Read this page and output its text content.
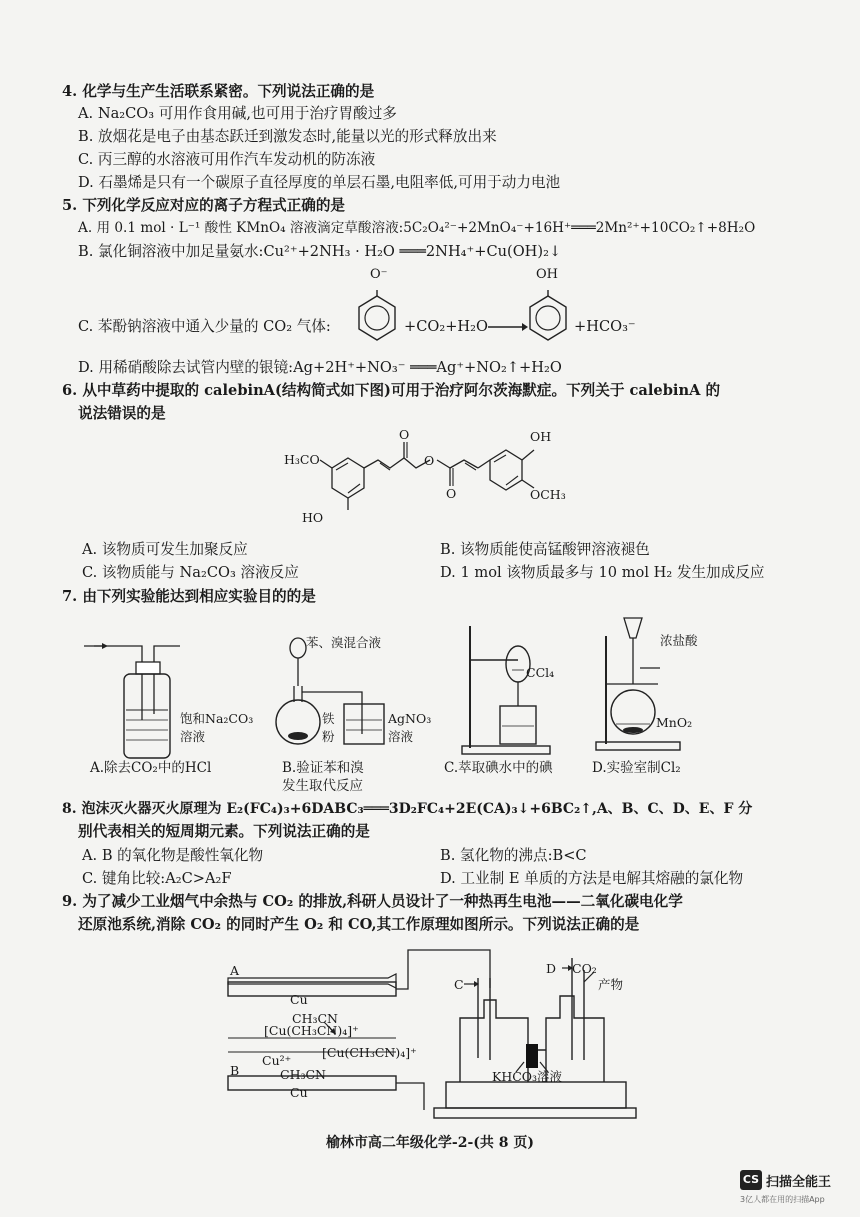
4. 化学与生产生活联系紧密。下列说法正确的是
A. Na₂CO₃ 可用作食用碱,也可用于治疗胃酸过多
B. 放烟花是电子由基态跃迁到激发态时,能量以光的形式释放出来
C. 丙三醇的水溶液可用作汽车发动机的防冻液
D. 石墨烯是只有一个碳原子直径厚度的单层石墨,电阻率低,可用于动力电池
5. 下列化学反应对应的离子方程式正确的是
A. 用 0.1 mol · L⁻¹ 酸性 KMnO₄ 溶液滴定草酸溶液:5C₂O₄²⁻+2MnO₄⁻+16H⁺═══2Mn²⁺+10CO₂↑+8H₂O
B. 氯化铜溶液中加足量氨水:Cu²⁺+2NH₃ · H₂O ═══2NH₄⁺+Cu(OH)₂↓
C. 苯酚钠溶液中通入少量的 CO₂ 气体:
O⁻
+CO₂+H₂O →
OH
+HCO₃⁻
D. 用稀硝酸除去试管内壁的银镜:Ag+2H⁺+NO₃⁻ ═══Ag⁺+NO₂↑+H₂O
6. 从中草药中提取的 calebinA(结构简式如下图)可用于治疗阿尔茨海默症。下列关于 calebinA 的
说法错误的是
H₃CO
HO
O
O
O
OH
OCH₃
A. 该物质可发生加聚反应	B. 该物质能使高锰酸钾溶液褪色
C. 该物质能与 Na₂CO₃ 溶液反应	D. 1 mol 该物质最多与 10 mol H₂ 发生加成反应
7. 由下列实验能达到相应实验目的的是
饱和Na₂CO₃
溶液
A.除去CO₂中的HCl
苯、溴混合液
铁
粉
AgNO₃
溶液
B.验证苯和溴
发生取代反应
CCl₄
C.萃取碘水中的碘
浓盐酸
MnO₂
D.实验室制Cl₂
8. 泡沫灭火器灭火原理为 E₂(FC₄)₃+6DABC₃═══3D₂FC₄+2E(CA)₃↓+6BC₂↑,A、B、C、D、E、F 分
别代表相关的短周期元素。下列说法正确的是
A. B 的氧化物是酸性氧化物	B. 氢化物的沸点:B<C
C. 键角比较:A₂C>A₂F	D. 工业制 E 单质的方法是电解其熔融的氯化物
9. 为了减少工业烟气中余热与 CO₂ 的排放,科研人员设计了一种热再生电池——二氧化碳电化学
还原池系统,消除 CO₂ 的同时产生 O₂ 和 CO,其工作原理如图所示。下列说法正确的是
A
Cu
CH₃CN
[Cu(CH₃CN)₄]⁺
Cu²⁺
[Cu(CH₃CN)₄]⁺
CH₃CN
B
Cu
C
D CO₂
产物
KHCO₃溶液
榆林市高二年级化学-2-(共 8 页)
CS 扫描全能王
3亿人都在用的扫描App
